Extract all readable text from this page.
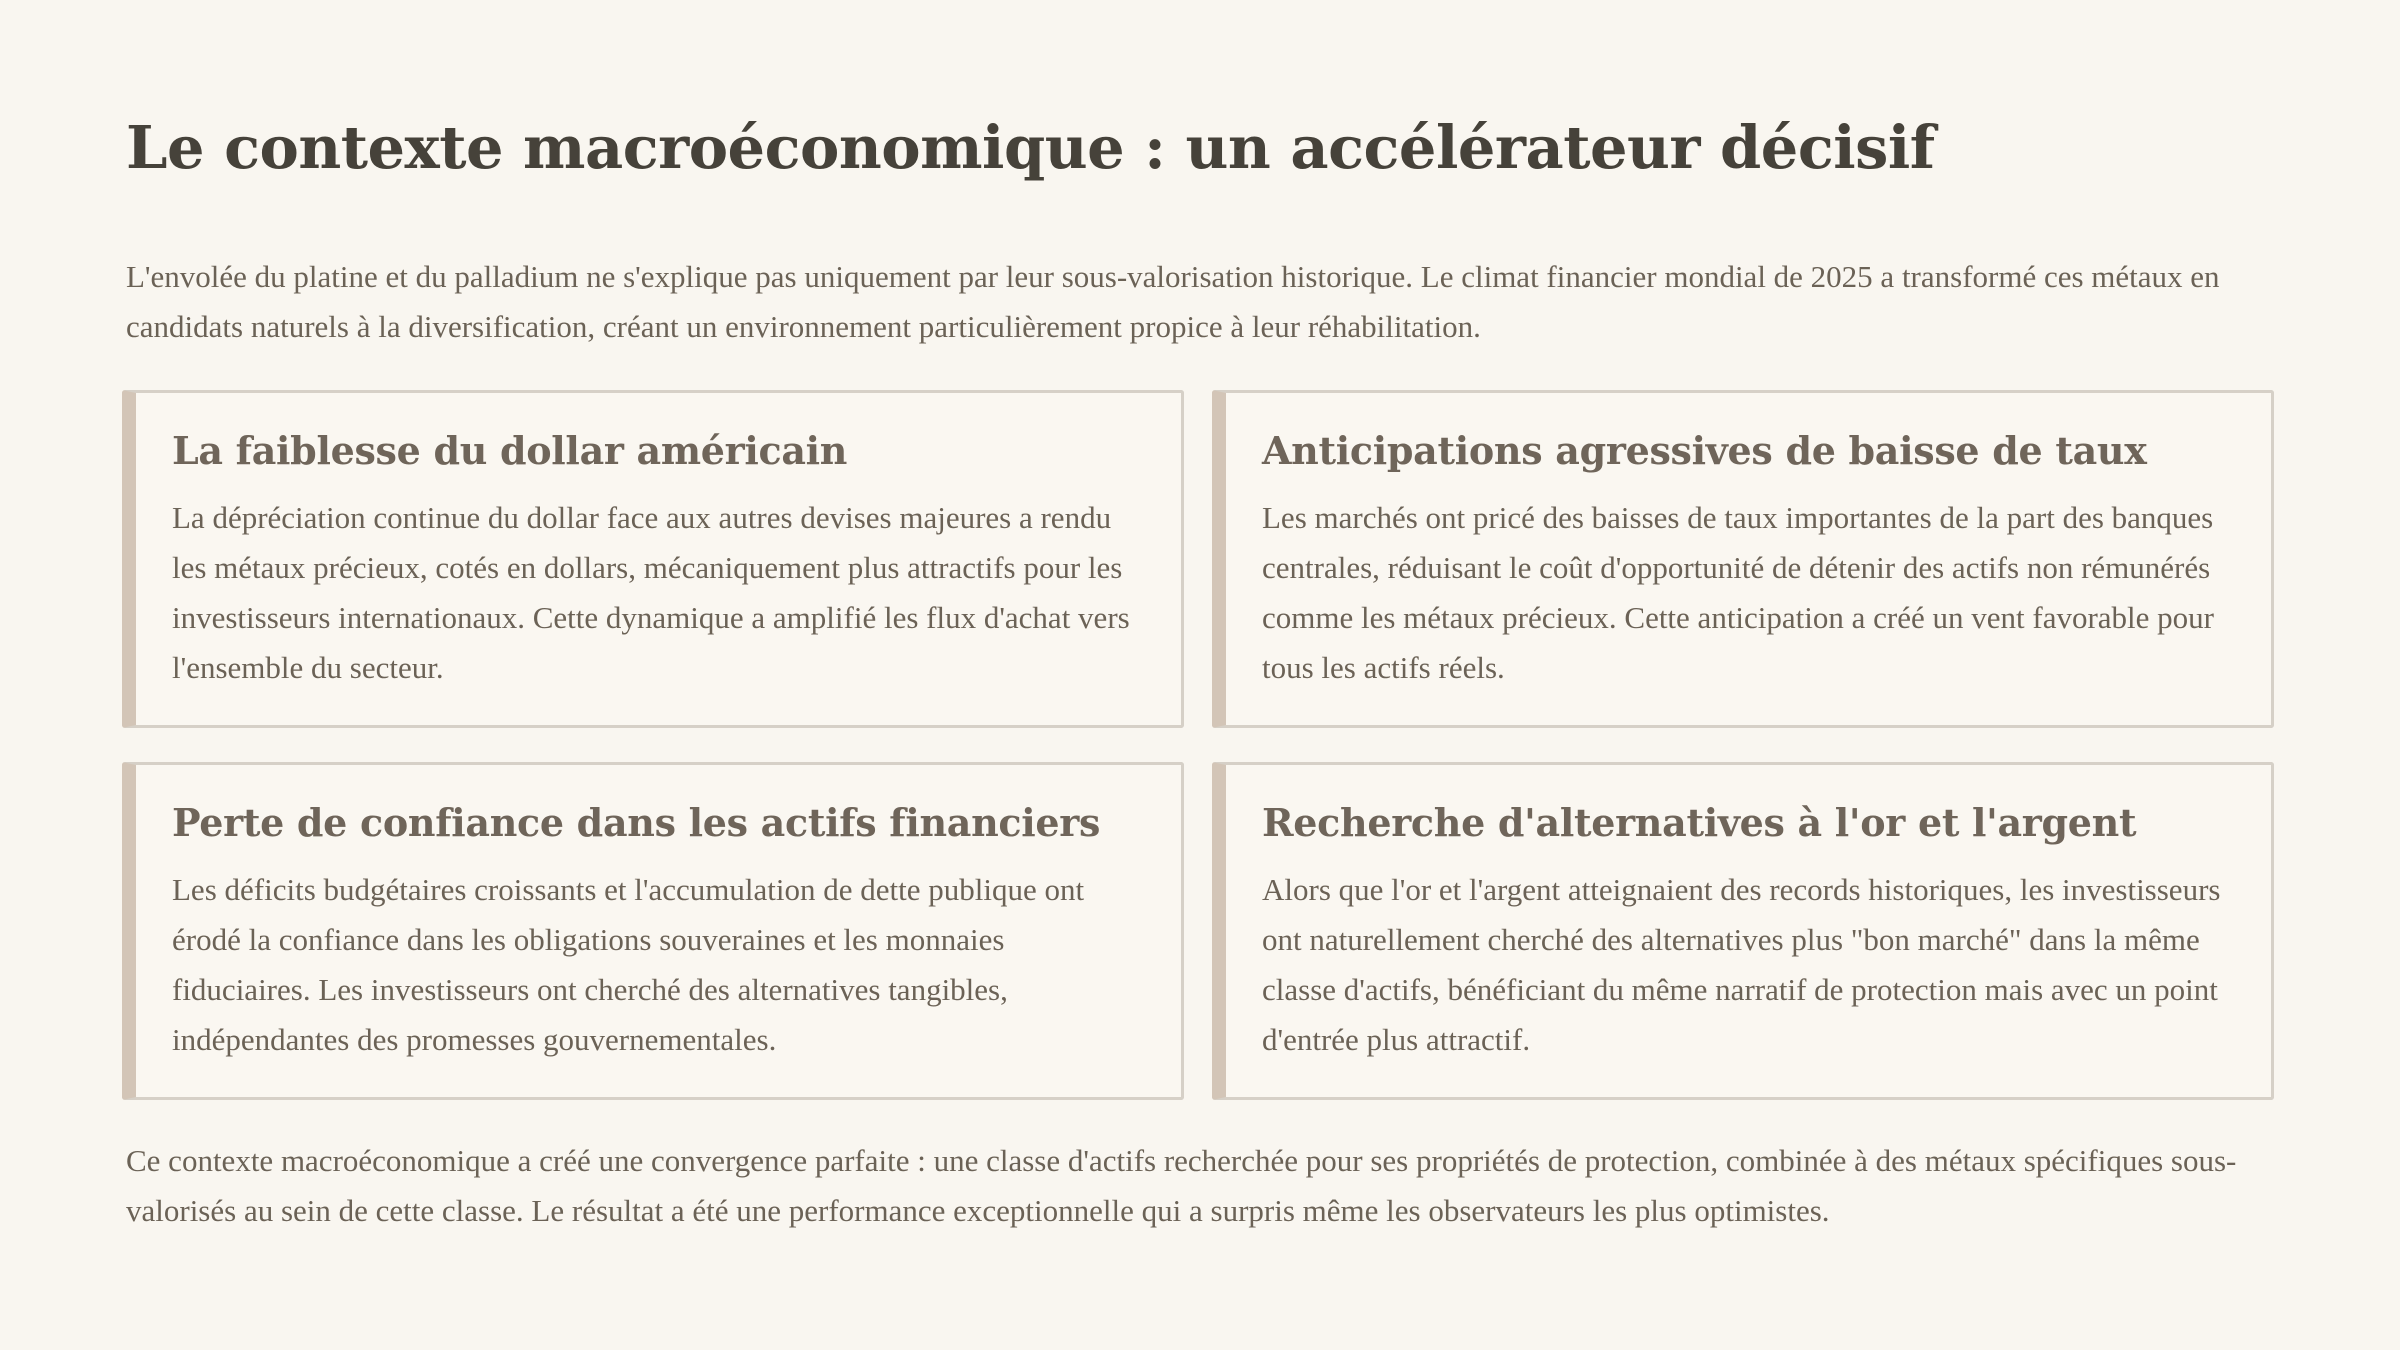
Le contexte macroéconomique : un accélérateur décisif

L'envolée du platine et du palladium ne s'explique pas uniquement par leur sous-valorisation historique. Le climat financier mondial de 2025 a transformé ces métaux en candidats naturels à la diversification, créant un environnement particulièrement propice à leur réhabilitation.

La faiblesse du dollar américain

La dépréciation continue du dollar face aux autres devises majeures a rendu les métaux précieux, cotés en dollars, mécaniquement plus attractifs pour les investisseurs internationaux. Cette dynamique a amplifié les flux d'achat vers l'ensemble du secteur.

Anticipations agressives de baisse de taux

Les marchés ont pricé des baisses de taux importantes de la part des banques centrales, réduisant le coût d'opportunité de détenir des actifs non rémunérés comme les métaux précieux. Cette anticipation a créé un vent favorable pour tous les actifs réels.

Perte de confiance dans les actifs financiers

Les déficits budgétaires croissants et l'accumulation de dette publique ont érodé la confiance dans les obligations souveraines et les monnaies fiduciaires. Les investisseurs ont cherché des alternatives tangibles, indépendantes des promesses gouvernementales.

Recherche d'alternatives à l'or et l'argent

Alors que l'or et l'argent atteignaient des records historiques, les investisseurs ont naturellement cherché des alternatives plus "bon marché" dans la même classe d'actifs, bénéficiant du même narratif de protection mais avec un point d'entrée plus attractif.

Ce contexte macroéconomique a créé une convergence parfaite : une classe d'actifs recherchée pour ses propriétés de protection, combinée à des métaux spécifiques sous-valorisés au sein de cette classe. Le résultat a été une performance exceptionnelle qui a surpris même les observateurs les plus optimistes.
